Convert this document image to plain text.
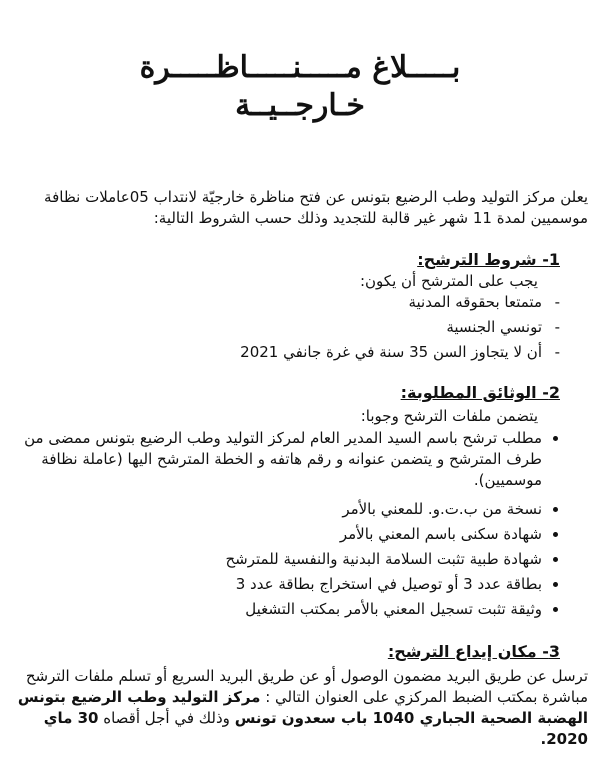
بـــــلاغ مـــــنـــــاظـــــرة
خـارجــيــة
يعلن مركز التوليد وطب الرضيع بتونس عن فتح مناظرة خارجيّة لانتداب 05عاملات نظافة موسميين لمدة 11 شهر غير قالبة للتجديد وذلك حسب الشروط التالية:
1- شروط الترشح:
يجب على المترشح أن يكون:
-متمتعا بحقوقه المدنية
-تونسي الجنسية
-أن لا يتجاوز السن 35 سنة في غرة جانفي 2021
2- الوثائق المطلوبة:
يتضمن ملفات الترشح وجوبا:
• مطلب ترشح باسم السيد المدير العام لمركز التوليد وطب الرضيع بتونس ممضى من طرف المترشح و يتضمن عنوانه و رقم هاتفه و الخطة المترشح اليها (عاملة نظافة موسميين).
• نسخة من ب.ت.و. للمعني بالأمر
• شهادة سكنى باسم المعني بالأمر
• شهادة طبية تثبت السلامة البدنية والنفسية للمترشح
• بطاقة عدد 3 أو توصيل في استخراج بطاقة عدد 3
• وثيقة تثبت تسجيل المعني بالأمر بمكتب التشغيل
3- مكان إيداع الترشح:
ترسل عن طريق البريد مضمون الوصول أو عن طريق البريد السريع أو تسلم ملفات الترشح مباشرة بمكتب الضبط المركزي على العنوان التالي : مركز التوليد وطب الرضيع بتونس الهضبة الصحية الجباري 1040 باب سعدون تونس وذلك في أجل أقصاه 30 ماي 2020.
